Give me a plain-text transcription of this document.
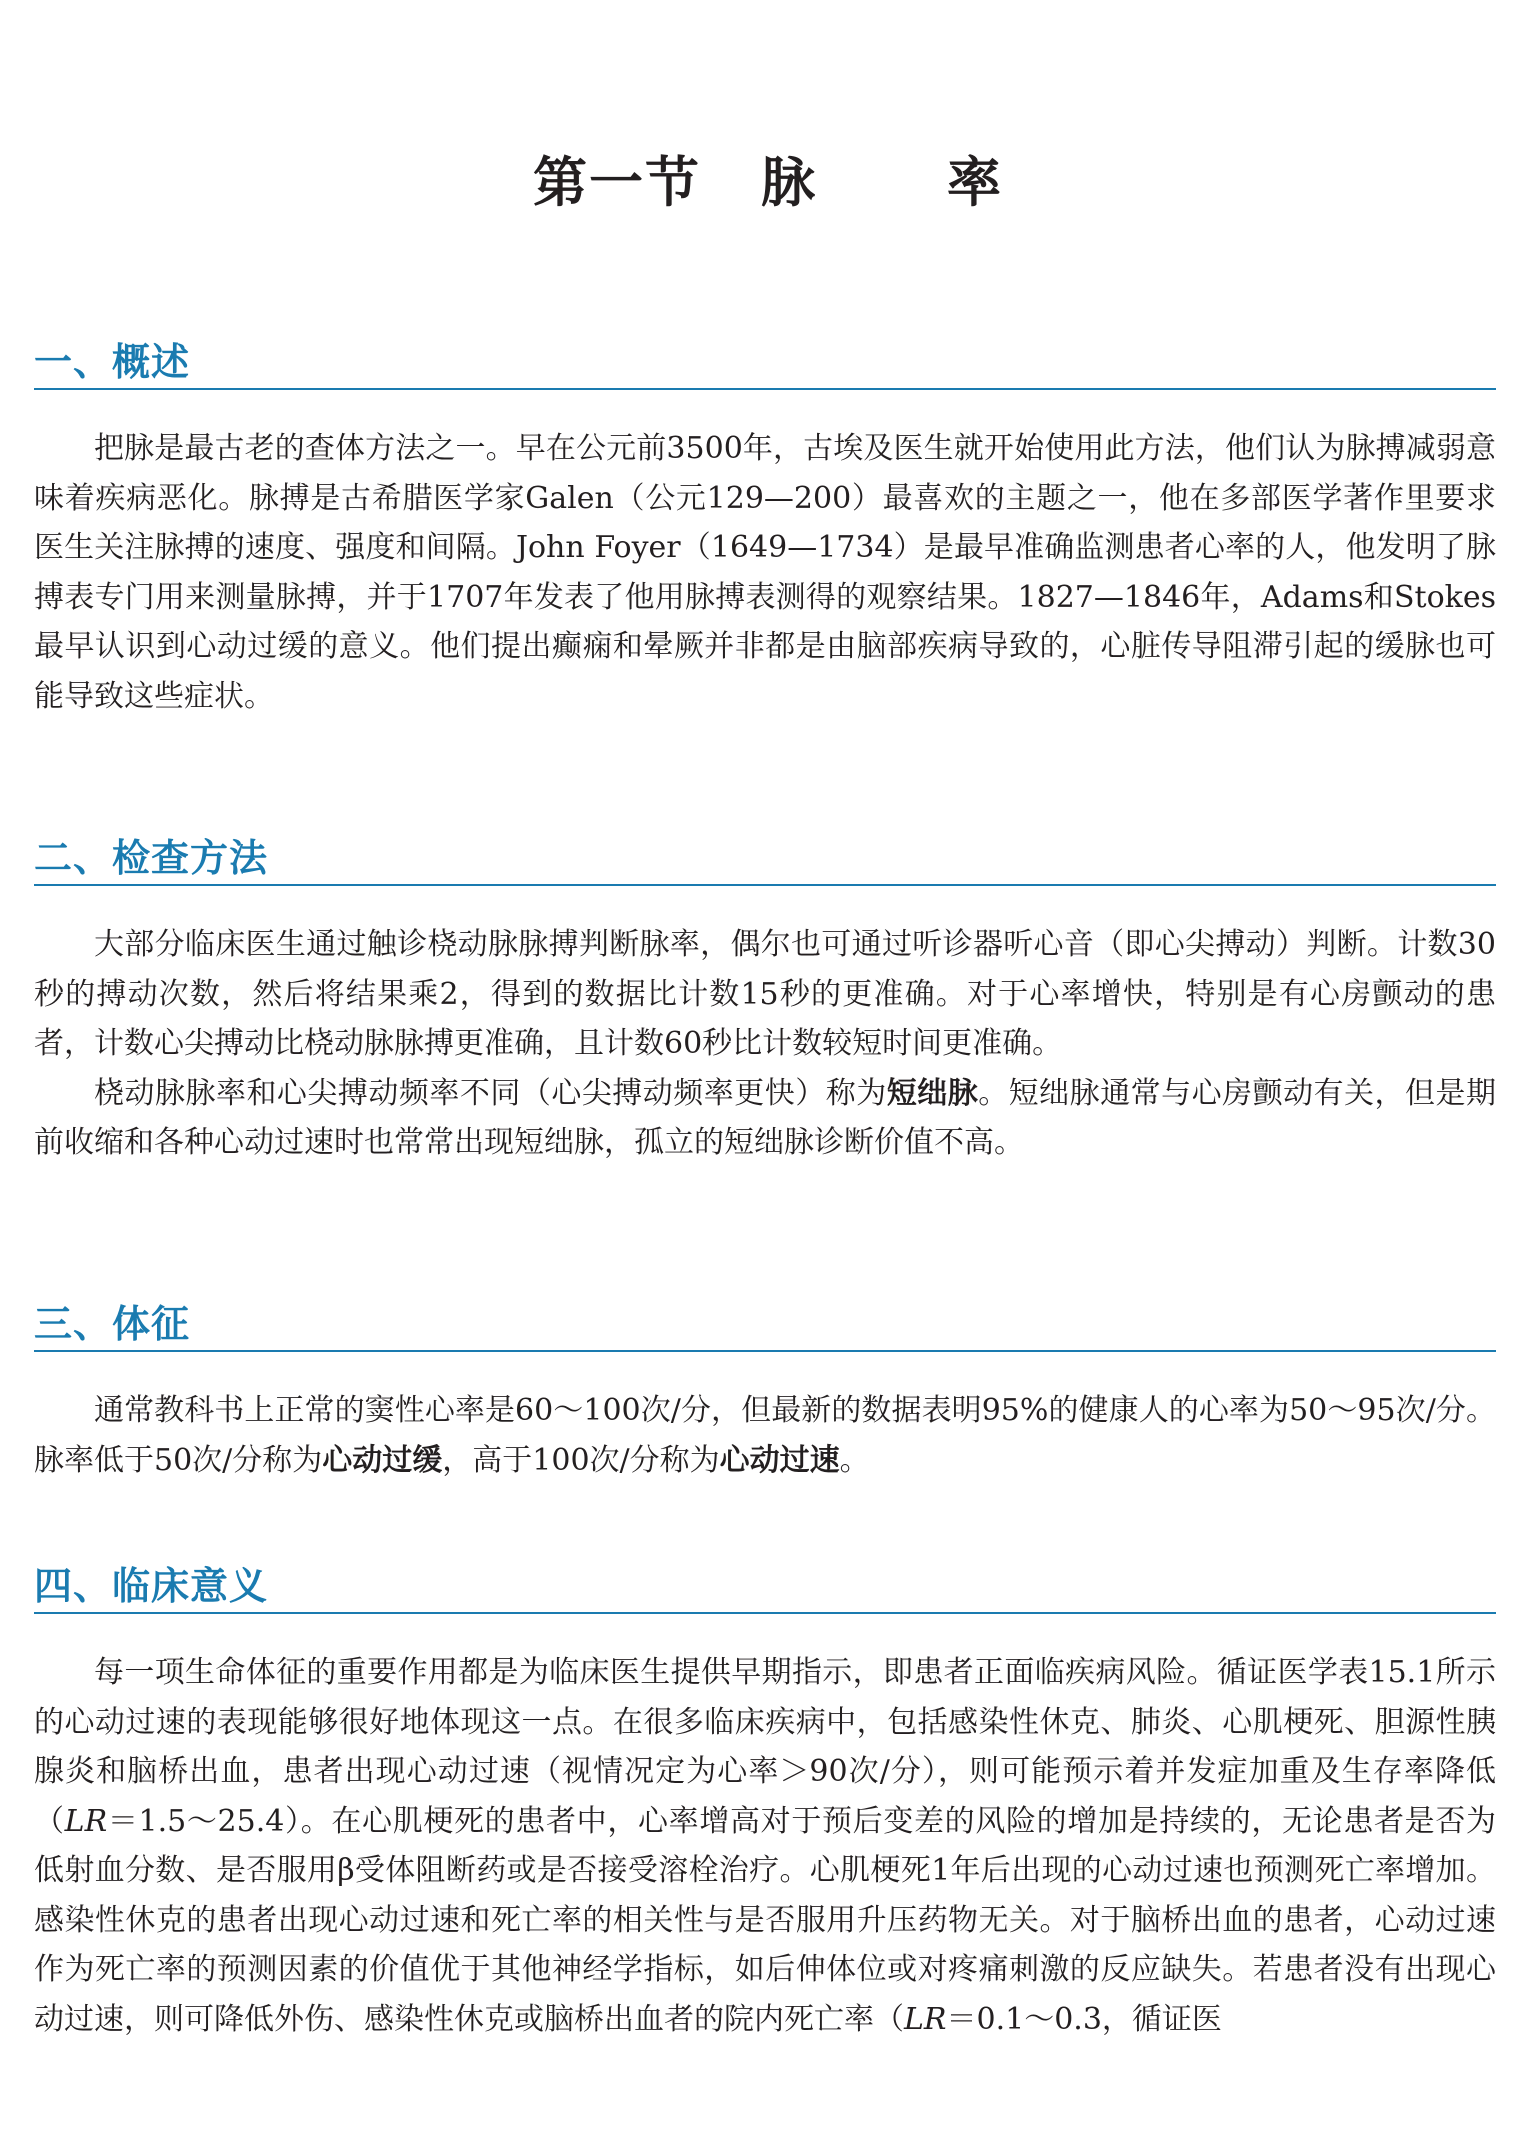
第一节 脉 率
一、概述

把脉是最古老的查体方法之一。早在公元前3500年，古埃及医生就开始使用此方法，他们认为脉搏减弱意味着疾病恶化。脉搏是古希腊医学家Galen（公元129—200）最喜欢的主题之一，他在多部医学著作里要求医生关注脉搏的速度、强度和间隔。John Foyer（1649—1734）是最早准确监测患者心率的人，他发明了脉搏表专门用来测量脉搏，并于1707年发表了他用脉搏表测得的观察结果。1827—1846年，Adams和Stokes最早认识到心动过缓的意义。他们提出癫痫和晕厥并非都是由脑部疾病导致的，心脏传导阻滞引起的缓脉也可能导致这些症状。

二、检查方法

大部分临床医生通过触诊桡动脉脉搏判断脉率，偶尔也可通过听诊器听心音（即心尖搏动）判断。计数30秒的搏动次数，然后将结果乘2，得到的数据比计数15秒的更准确。对于心率增快，特别是有心房颤动的患者，计数心尖搏动比桡动脉脉搏更准确，且计数60秒比计数较短时间更准确。

桡动脉脉率和心尖搏动频率不同（心尖搏动频率更快）称为短绌脉。短绌脉通常与心房颤动有关，但是期前收缩和各种心动过速时也常常出现短绌脉，孤立的短绌脉诊断价值不高。

三、体征

通常教科书上正常的窦性心率是60～100次/分，但最新的数据表明95%的健康人的心率为50～95次/分。脉率低于50次/分称为心动过缓，高于100次/分称为心动过速。

四、临床意义

每一项生命体征的重要作用都是为临床医生提供早期指示，即患者正面临疾病风险。循证医学表15.1所示的心动过速的表现能够很好地体现这一点。在很多临床疾病中，包括感染性休克、肺炎、心肌梗死、胆源性胰腺炎和脑桥出血，患者出现心动过速（视情况定为心率＞90次/分），则可能预示着并发症加重及生存率降低（LR＝1.5～25.4）。在心肌梗死的患者中，心率增高对于预后变差的风险的增加是持续的，无论患者是否为低射血分数、是否服用β受体阻断药或是否接受溶栓治疗。心肌梗死1年后出现的心动过速也预测死亡率增加。感染性休克的患者出现心动过速和死亡率的相关性与是否服用升压药物无关。对于脑桥出血的患者，心动过速作为死亡率的预测因素的价值优于其他神经学指标，如后伸体位或对疼痛刺激的反应缺失。若患者没有出现心动过速，则可降低外伤、感染性休克或脑桥出血者的院内死亡率（LR＝0.1～0.3，循证医
